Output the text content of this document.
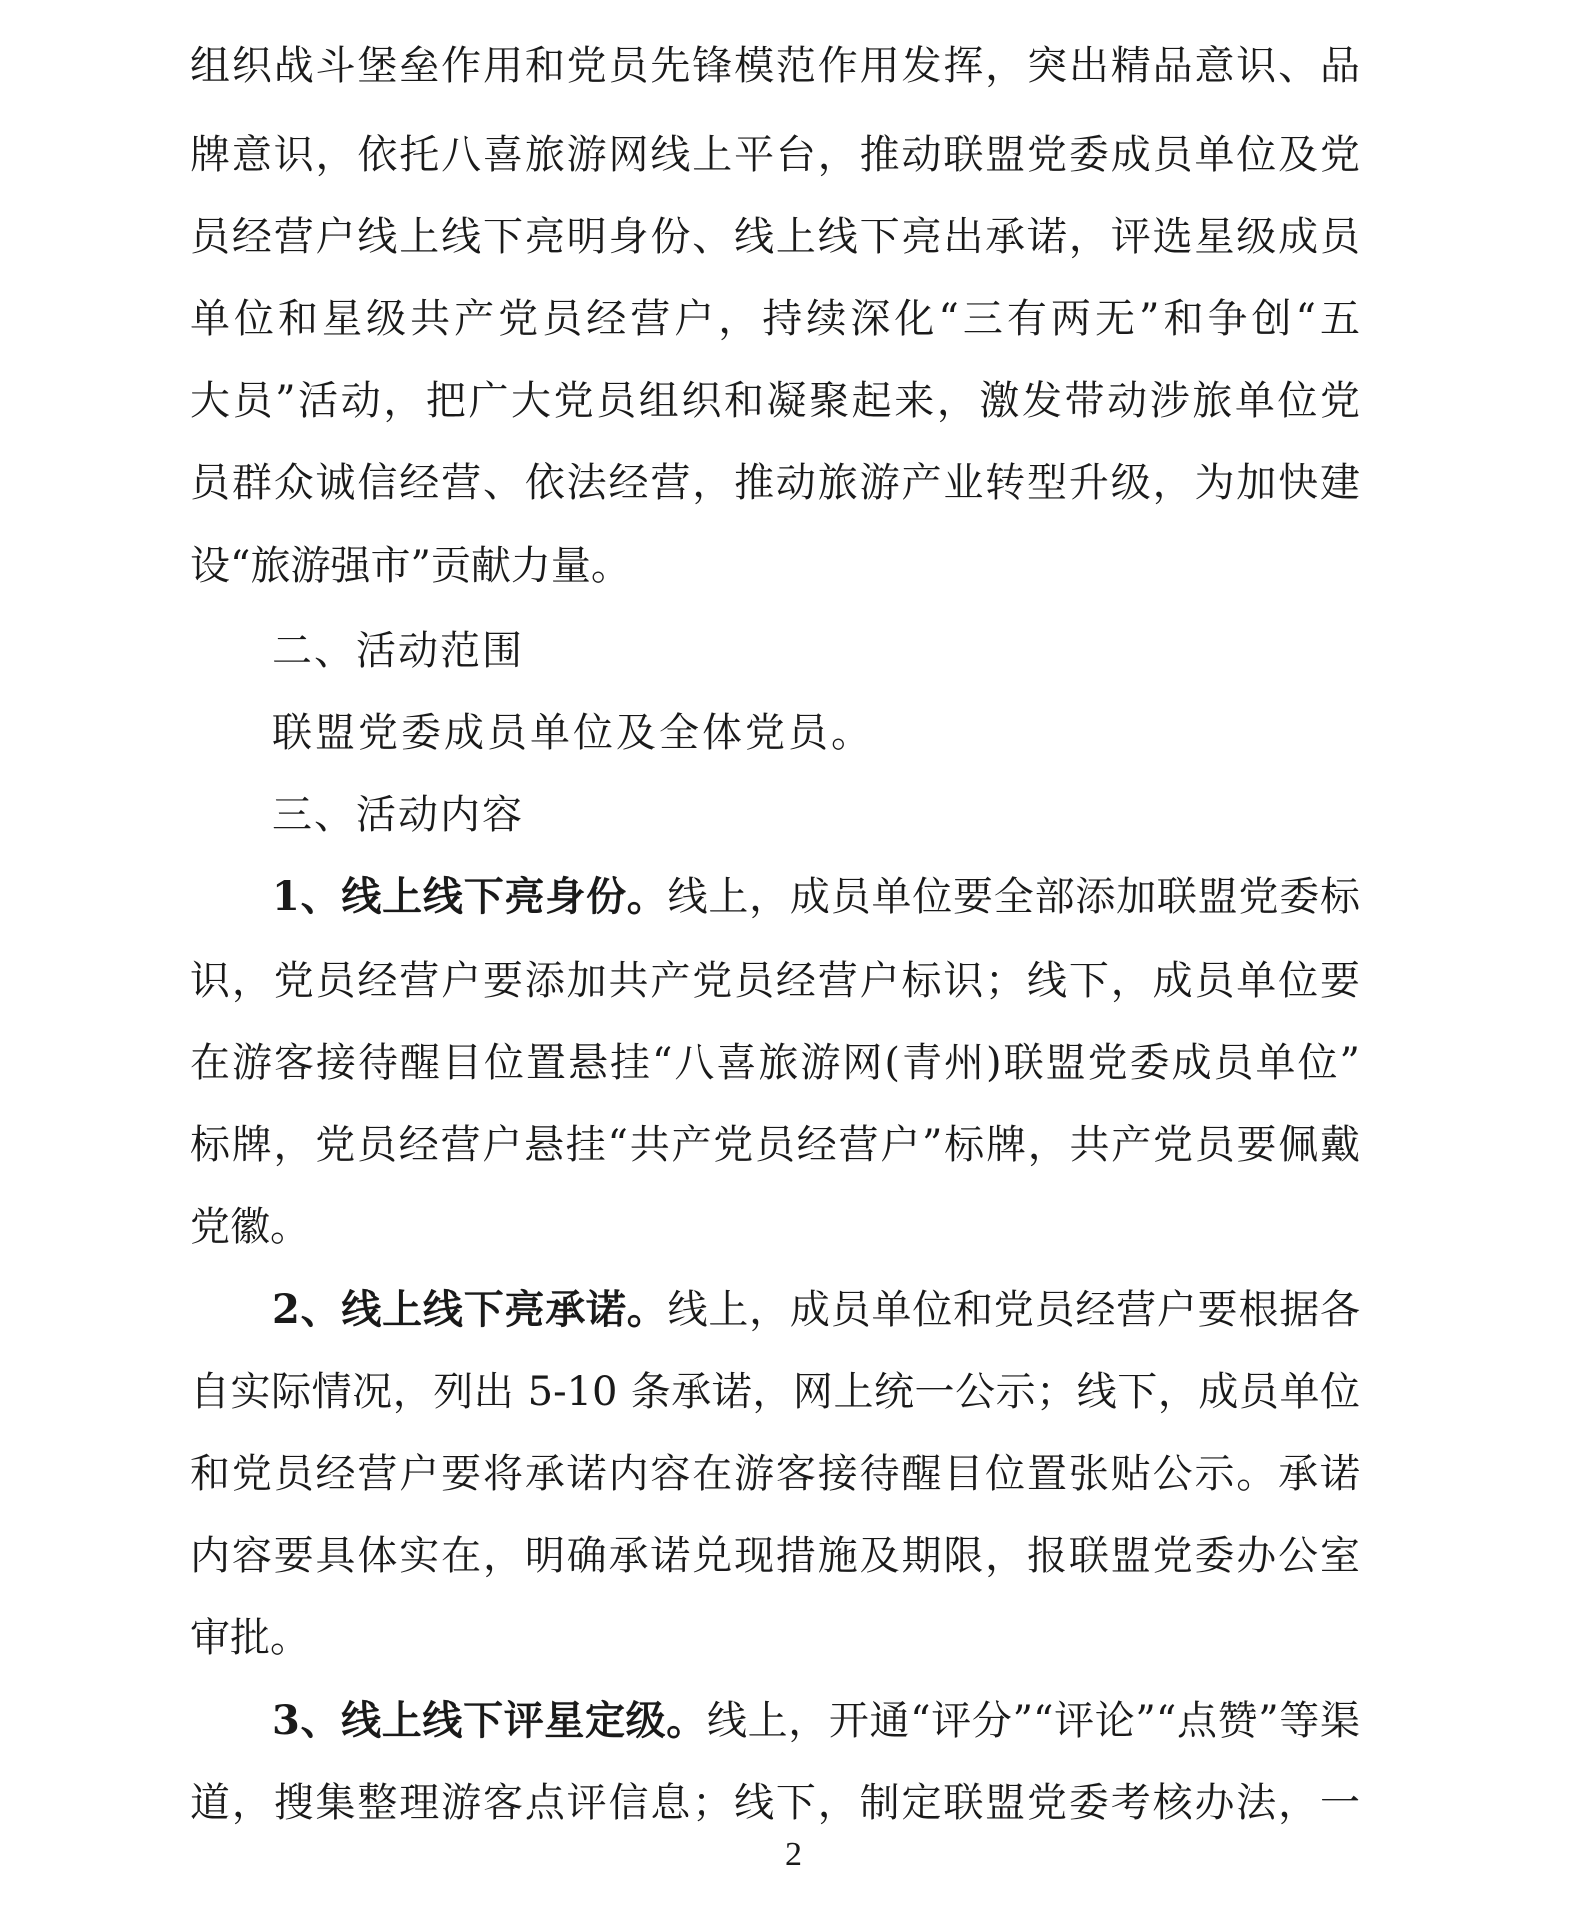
组织战斗堡垒作用和党员先锋模范作用发挥，突出精品意识、品
牌意识，依托八喜旅游网线上平台，推动联盟党委成员单位及党
员经营户线上线下亮明身份、线上线下亮出承诺，评选星级成员
单位和星级共产党员经营户，持续深化“三有两无”和争创“五
大员”活动，把广大党员组织和凝聚起来，激发带动涉旅单位党
员群众诚信经营、依法经营，推动旅游产业转型升级，为加快建
设“旅游强市”贡献力量。
二、活动范围
联盟党委成员单位及全体党员。
三、活动内容
1、线上线下亮身份。线上，成员单位要全部添加联盟党委标
识，党员经营户要添加共产党员经营户标识；线下，成员单位要
在游客接待醒目位置悬挂“八喜旅游网(青州)联盟党委成员单位”
标牌，党员经营户悬挂“共产党员经营户”标牌，共产党员要佩戴
党徽。
2、线上线下亮承诺。线上，成员单位和党员经营户要根据各
自实际情况，列出 5-10 条承诺，网上统一公示；线下，成员单位
和党员经营户要将承诺内容在游客接待醒目位置张贴公示。承诺
内容要具体实在，明确承诺兑现措施及期限，报联盟党委办公室
审批。
3、线上线下评星定级。线上，开通“评分”“评论”“点赞”等渠
道，搜集整理游客点评信息；线下，制定联盟党委考核办法，一
2
